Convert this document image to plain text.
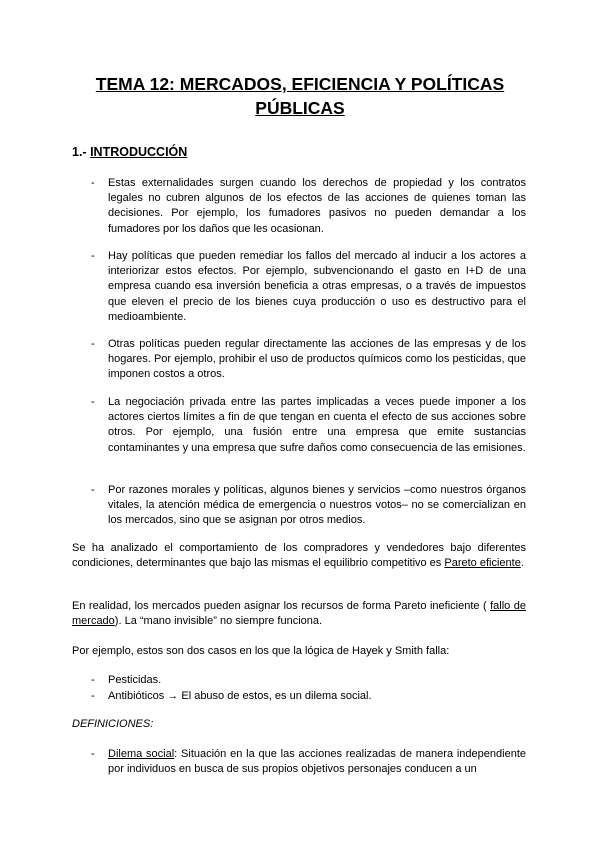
TEMA 12: MERCADOS, EFICIENCIA Y POLÍTICAS
PÚBLICAS
1.- INTRODUCCIÓN
- Estas externalidades surgen cuando los derechos de propiedad y los contratos legales no cubren algunos de los efectos de las acciones de quienes toman las decisiones. Por ejemplo, los fumadores pasivos no pueden demandar a los fumadores por los daños que les ocasionan.
- Hay políticas que pueden remediar los fallos del mercado al inducir a los actores a interiorizar estos efectos. Por ejemplo, subvencionando el gasto en I+D de una empresa cuando esa inversión beneficia a otras empresas, o a través de impuestos que eleven el precio de los bienes cuya producción o uso es destructivo para el medioambiente.
- Otras políticas pueden regular directamente las acciones de las empresas y de los hogares. Por ejemplo, prohibir el uso de productos químicos como los pesticidas, que imponen costos a otros.
- La negociación privada entre las partes implicadas a veces puede imponer a los actores ciertos límites a fin de que tengan en cuenta el efecto de sus acciones sobre otros. Por ejemplo, una fusión entre una empresa que emite sustancias contaminantes y una empresa que sufre daños como consecuencia de las emisiones.
- Por razones morales y políticas, algunos bienes y servicios –como nuestros órganos vitales, la atención médica de emergencia o nuestros votos– no se comercializan en los mercados, sino que se asignan por otros medios.
Se ha analizado el comportamiento de los compradores y vendedores bajo diferentes condiciones, determinantes que bajo las mismas el equilibrio competitivo es Pareto eficiente.
En realidad, los mercados pueden asignar los recursos de forma Pareto ineficiente ( fallo de mercado). La “mano invisible” no siempre funciona.
Por ejemplo, estos son dos casos en los que la lógica de Hayek y Smith falla:
- Pesticidas.
- Antibióticos → El abuso de estos, es un dilema social.
DEFINICIONES:
- Dilema social: Situación en la que las acciones realizadas de manera independiente por individuos en busca de sus propios objetivos personajes conducen a un
